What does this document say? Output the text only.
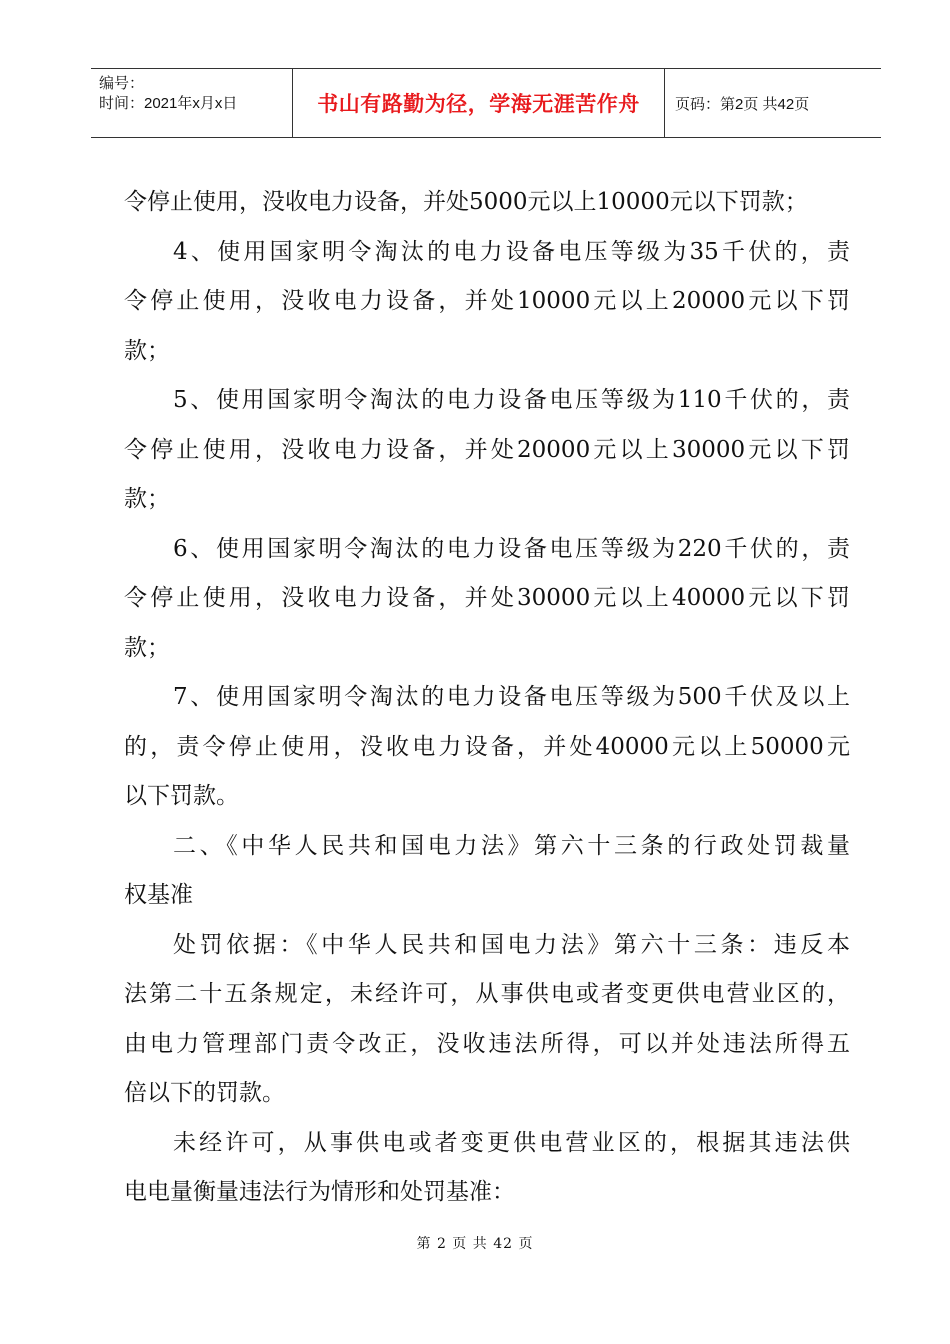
编号：
时间：2021年x月x日	书山有路勤为径，学海无涯苦作舟	页码：第2页 共42页
令停止使用，没收电力设备，并处5000元以上10000元以下罚款；
4、使用国家明令淘汰的电力设备电压等级为35千伏的，责
令停止使用，没收电力设备，并处10000元以上20000元以下罚
款；
5、使用国家明令淘汰的电力设备电压等级为110千伏的，责
令停止使用，没收电力设备，并处20000元以上30000元以下罚
款；
6、使用国家明令淘汰的电力设备电压等级为220千伏的，责
令停止使用，没收电力设备，并处30000元以上40000元以下罚
款；
7、使用国家明令淘汰的电力设备电压等级为500千伏及以上
的，责令停止使用，没收电力设备，并处40000元以上50000元
以下罚款。
二、《中华人民共和国电力法》第六十三条的行政处罚裁量
权基准
处罚依据：《中华人民共和国电力法》第六十三条：违反本
法第二十五条规定，未经许可，从事供电或者变更供电营业区的，
由电力管理部门责令改正，没收违法所得，可以并处违法所得五
倍以下的罚款。
未经许可，从事供电或者变更供电营业区的，根据其违法供
电电量衡量违法行为情形和处罚基准：
第 2 页 共 42 页
